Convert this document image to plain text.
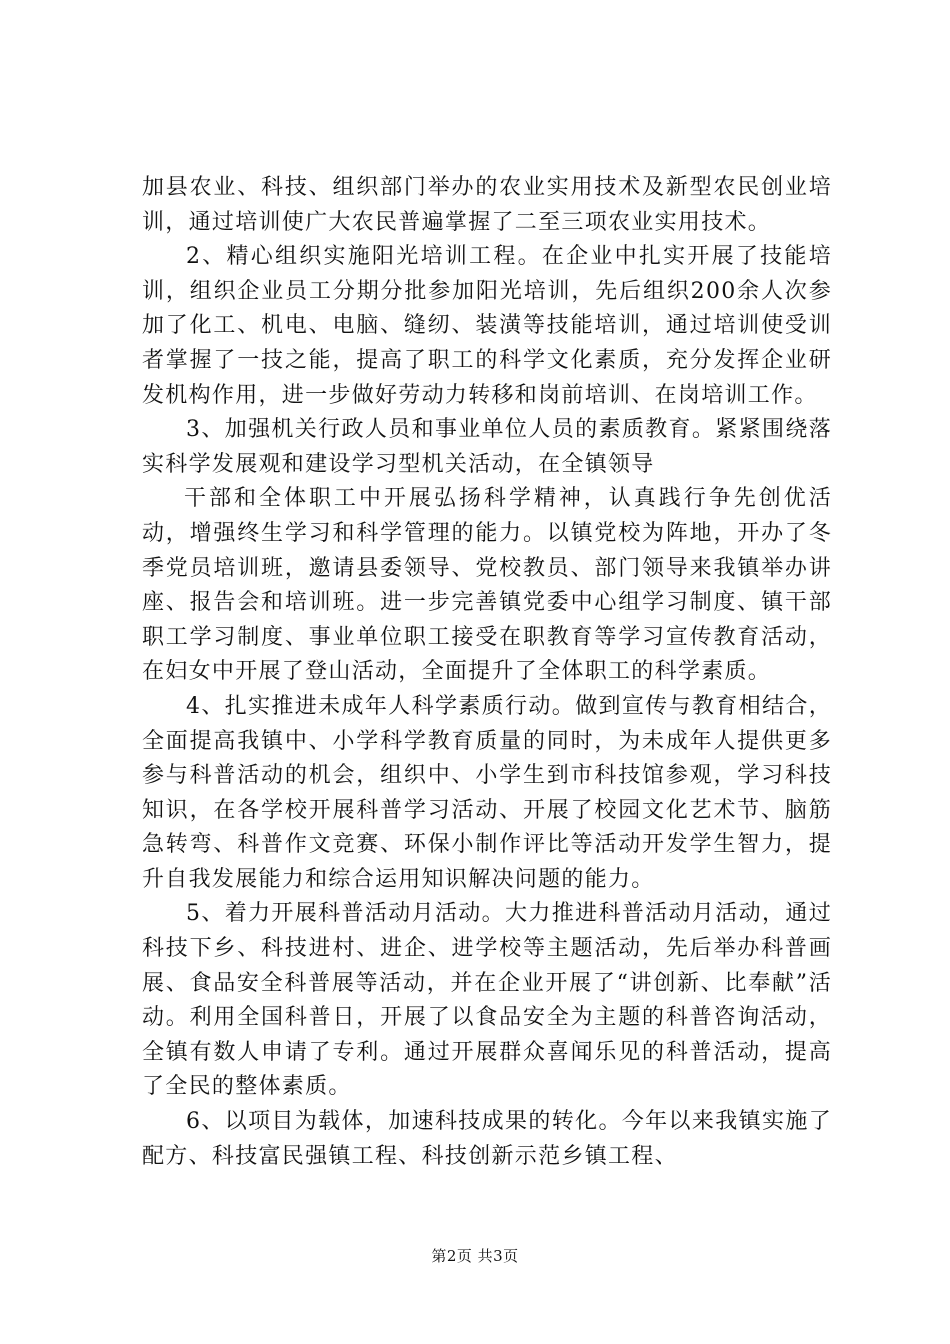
加县农业、科技、组织部门举办的农业实用技术及新型农民创业培训，通过培训使广大农民普遍掌握了二至三项农业实用技术。

2、精心组织实施阳光培训工程。在企业中扎实开展了技能培训，组织企业员工分期分批参加阳光培训，先后组织200余人次参加了化工、机电、电脑、缝纫、装潢等技能培训，通过培训使受训者掌握了一技之能，提高了职工的科学文化素质，充分发挥企业研发机构作用，进一步做好劳动力转移和岗前培训、在岗培训工作。

3、加强机关行政人员和事业单位人员的素质教育。紧紧围绕落实科学发展观和建设学习型机关活动，在全镇领导

干部和全体职工中开展弘扬科学精神，认真践行争先创优活动，增强终生学习和科学管理的能力。以镇党校为阵地，开办了冬季党员培训班，邀请县委领导、党校教员、部门领导来我镇举办讲座、报告会和培训班。进一步完善镇党委中心组学习制度、镇干部职工学习制度、事业单位职工接受在职教育等学习宣传教育活动，在妇女中开展了登山活动，全面提升了全体职工的科学素质。

4、扎实推进未成年人科学素质行动。做到宣传与教育相结合，全面提高我镇中、小学科学教育质量的同时，为未成年人提供更多参与科普活动的机会，组织中、小学生到市科技馆参观，学习科技知识，在各学校开展科普学习活动、开展了校园文化艺术节、脑筋急转弯、科普作文竞赛、环保小制作评比等活动开发学生智力，提升自我发展能力和综合运用知识解决问题的能力。

5、着力开展科普活动月活动。大力推进科普活动月活动，通过科技下乡、科技进村、进企、进学校等主题活动，先后举办科普画展、食品安全科普展等活动，并在企业开展了“讲创新、比奉献”活动。利用全国科普日，开展了以食品安全为主题的科普咨询活动，全镇有数人申请了专利。通过开展群众喜闻乐见的科普活动，提高了全民的整体素质。

6、以项目为载体，加速科技成果的转化。今年以来我镇实施了配方、科技富民强镇工程、科技创新示范乡镇工程、

第2页 共3页
